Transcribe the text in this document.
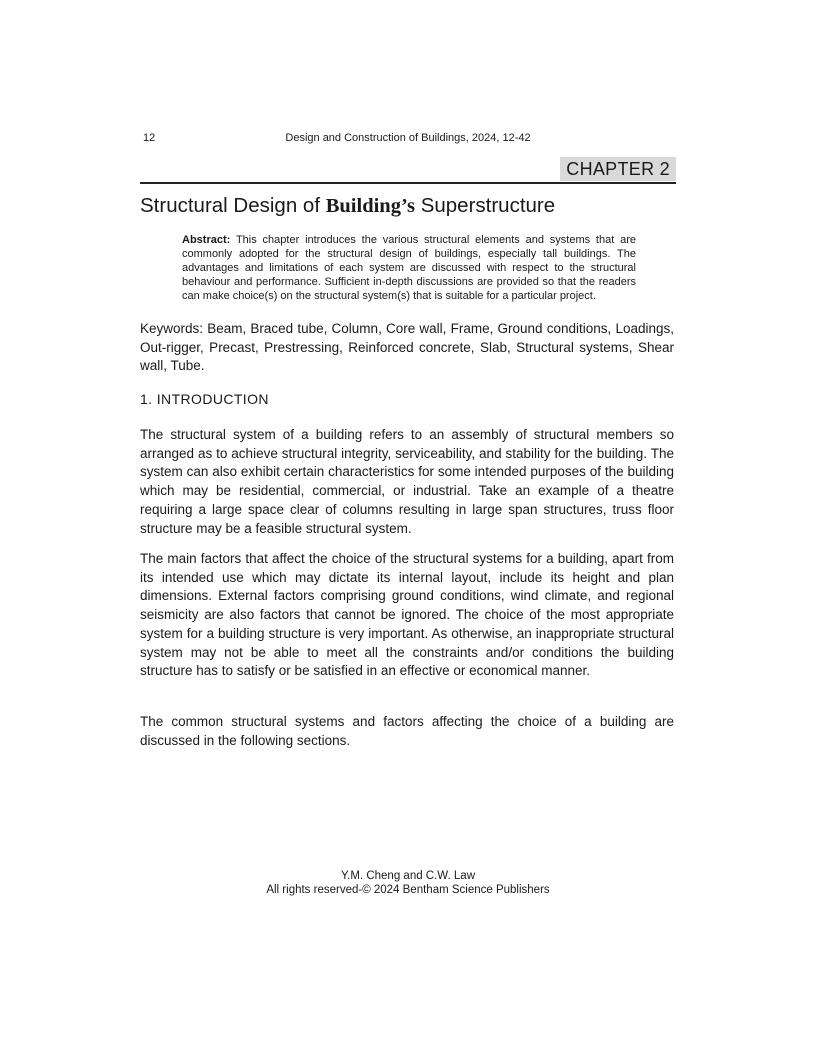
12	Design and Construction of Buildings, 2024, 12-42
CHAPTER 2
Structural Design of Building’s Superstructure
Abstract: This chapter introduces the various structural elements and systems that are commonly adopted for the structural design of buildings, especially tall buildings. The advantages and limitations of each system are discussed with respect to the structural behaviour and performance. Sufficient in-depth discussions are provided so that the readers can make choice(s) on the structural system(s) that is suitable for a particular project.
Keywords: Beam, Braced tube, Column, Core wall, Frame, Ground conditions, Loadings, Out-rigger, Precast, Prestressing, Reinforced concrete, Slab, Structural systems, Shear wall, Tube.
1. INTRODUCTION

The structural system of a building refers to an assembly of structural members so arranged as to achieve structural integrity, serviceability, and stability for the building. The system can also exhibit certain characteristics for some intended purposes of the building which may be residential, commercial, or industrial. Take an example of a theatre requiring a large space clear of columns resulting in large span structures, truss floor structure may be a feasible structural system.

The main factors that affect the choice of the structural systems for a building, apart from its intended use which may dictate its internal layout, include its height and plan dimensions. External factors comprising ground conditions, wind climate, and regional seismicity are also factors that cannot be ignored. The choice of the most appropriate system for a building structure is very important. As otherwise, an inappropriate structural system may not be able to meet all the constraints and/or conditions the building structure has to satisfy or be satisfied in an effective or economical manner.

The common structural systems and factors affecting the choice of a building are discussed in the following sections.

Y.M. Cheng and C.W. Law
All rights reserved-© 2024 Bentham Science Publishers
